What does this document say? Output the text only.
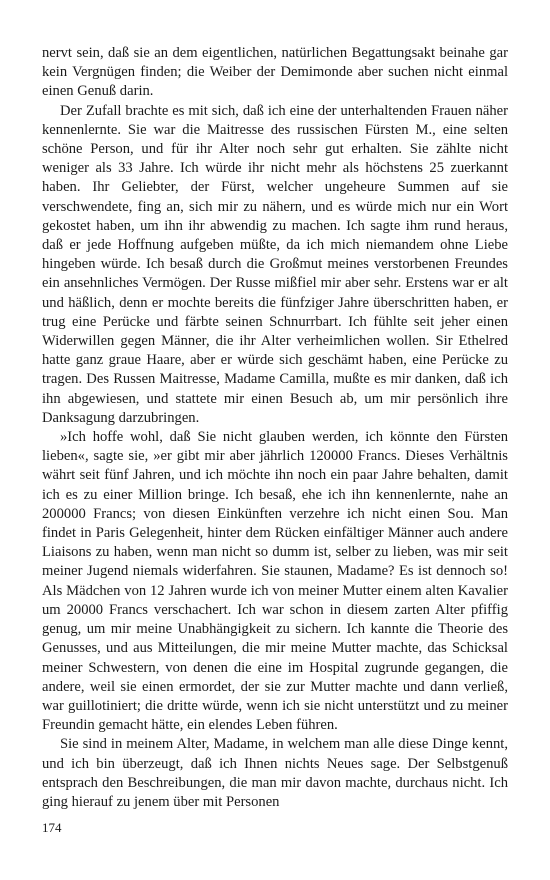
nervt sein, daß sie an dem eigentlichen, natürlichen Begattungsakt beinahe gar kein Vergnügen finden; die Weiber der Demimonde aber suchen nicht einmal einen Genuß darin.

Der Zufall brachte es mit sich, daß ich eine der unterhaltenden Frauen näher kennenlernte. Sie war die Maitresse des russischen Fürsten M., eine selten schöne Person, und für ihr Alter noch sehr gut erhalten. Sie zählte nicht weniger als 33 Jahre. Ich würde ihr nicht mehr als höchstens 25 zuerkannt haben. Ihr Geliebter, der Fürst, welcher ungeheure Summen auf sie verschwendete, fing an, sich mir zu nähern, und es würde mich nur ein Wort gekostet haben, um ihn ihr abwendig zu machen. Ich sagte ihm rund heraus, daß er jede Hoffnung aufgeben müßte, da ich mich niemandem ohne Liebe hingeben würde. Ich besaß durch die Großmut meines verstorbenen Freundes ein ansehnliches Vermögen. Der Russe mißfiel mir aber sehr. Erstens war er alt und häßlich, denn er mochte bereits die fünfziger Jahre überschritten haben, er trug eine Perücke und färbte seinen Schnurrbart. Ich fühlte seit jeher einen Widerwillen gegen Männer, die ihr Alter verheimlichen wollen. Sir Ethelred hatte ganz graue Haare, aber er würde sich geschämt haben, eine Perücke zu tragen. Des Russen Maitresse, Madame Camilla, mußte es mir danken, daß ich ihn abgewiesen, und stattete mir einen Besuch ab, um mir persönlich ihre Danksagung darzubringen.

»Ich hoffe wohl, daß Sie nicht glauben werden, ich könnte den Fürsten lieben«, sagte sie, »er gibt mir aber jährlich 120000 Francs. Dieses Verhältnis währt seit fünf Jahren, und ich möchte ihn noch ein paar Jahre behalten, damit ich es zu einer Million bringe. Ich besaß, ehe ich ihn kennenlernte, nahe an 200000 Francs; von diesen Einkünften verzehre ich nicht einen Sou. Man findet in Paris Gelegenheit, hinter dem Rücken einfältiger Männer auch andere Liaisons zu haben, wenn man nicht so dumm ist, selber zu lieben, was mir seit meiner Jugend niemals widerfahren. Sie staunen, Madame? Es ist dennoch so! Als Mädchen von 12 Jahren wurde ich von meiner Mutter einem alten Kavalier um 20000 Francs verschachert. Ich war schon in diesem zarten Alter pfiffig genug, um mir meine Unabhängigkeit zu sichern. Ich kannte die Theorie des Genusses, und aus Mitteilungen, die mir meine Mutter machte, das Schicksal meiner Schwestern, von denen die eine im Hospital zugrunde gegangen, die andere, weil sie einen ermordet, der sie zur Mutter machte und dann verließ, war guillotiniert; die dritte würde, wenn ich sie nicht unterstützt und zu meiner Freundin gemacht hätte, ein elendes Leben führen.

Sie sind in meinem Alter, Madame, in welchem man alle diese Dinge kennt, und ich bin überzeugt, daß ich Ihnen nichts Neues sage. Der Selbstgenuß entsprach den Beschreibungen, die man mir davon machte, durchaus nicht. Ich ging hierauf zu jenem über mit Personen

174
